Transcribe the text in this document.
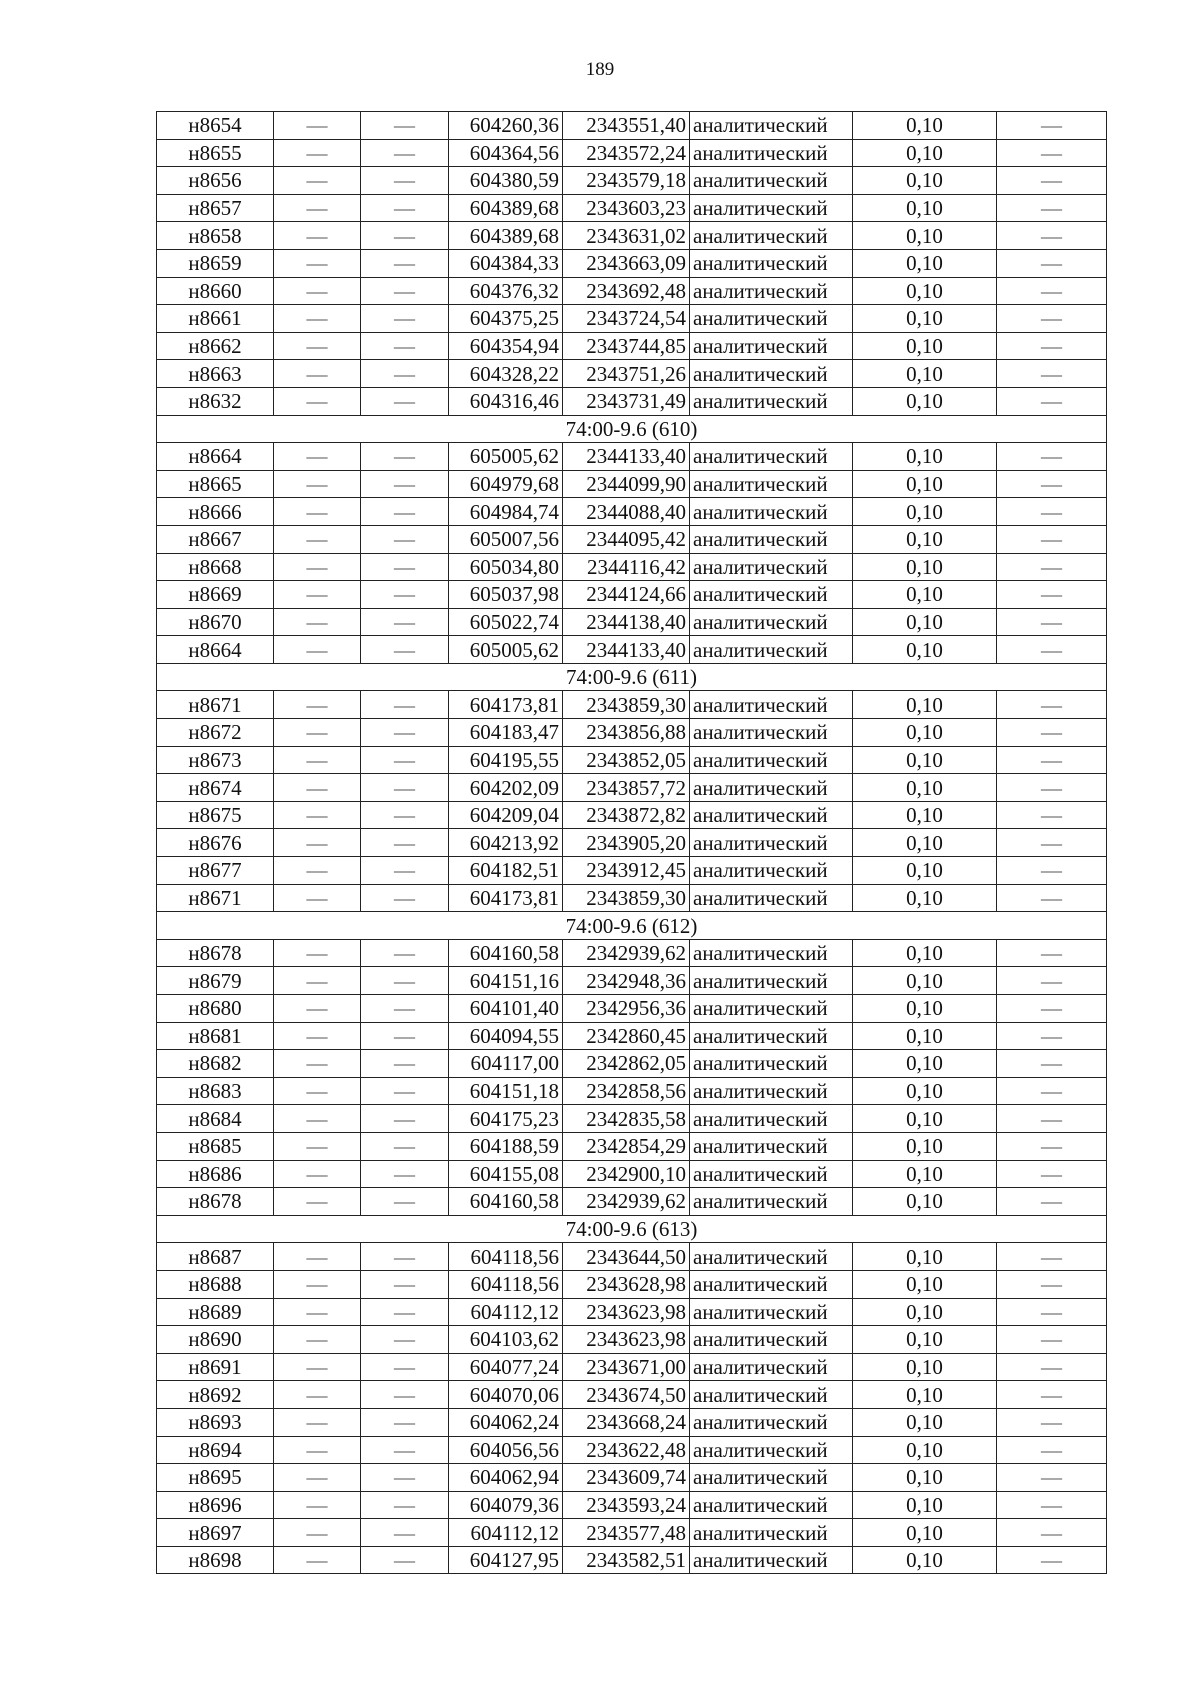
189
н8654	—	—	604260,36	2343551,40	аналитический	0,10	—
н8655	—	—	604364,56	2343572,24	аналитический	0,10	—
н8656	—	—	604380,59	2343579,18	аналитический	0,10	—
н8657	—	—	604389,68	2343603,23	аналитический	0,10	—
н8658	—	—	604389,68	2343631,02	аналитический	0,10	—
н8659	—	—	604384,33	2343663,09	аналитический	0,10	—
н8660	—	—	604376,32	2343692,48	аналитический	0,10	—
н8661	—	—	604375,25	2343724,54	аналитический	0,10	—
н8662	—	—	604354,94	2343744,85	аналитический	0,10	—
н8663	—	—	604328,22	2343751,26	аналитический	0,10	—
н8632	—	—	604316,46	2343731,49	аналитический	0,10	—
74:00-9.6 (610)							
н8664	—	—	605005,62	2344133,40	аналитический	0,10	—
н8665	—	—	604979,68	2344099,90	аналитический	0,10	—
н8666	—	—	604984,74	2344088,40	аналитический	0,10	—
н8667	—	—	605007,56	2344095,42	аналитический	0,10	—
н8668	—	—	605034,80	2344116,42	аналитический	0,10	—
н8669	—	—	605037,98	2344124,66	аналитический	0,10	—
н8670	—	—	605022,74	2344138,40	аналитический	0,10	—
н8664	—	—	605005,62	2344133,40	аналитический	0,10	—
74:00-9.6 (611)							
н8671	—	—	604173,81	2343859,30	аналитический	0,10	—
н8672	—	—	604183,47	2343856,88	аналитический	0,10	—
н8673	—	—	604195,55	2343852,05	аналитический	0,10	—
н8674	—	—	604202,09	2343857,72	аналитический	0,10	—
н8675	—	—	604209,04	2343872,82	аналитический	0,10	—
н8676	—	—	604213,92	2343905,20	аналитический	0,10	—
н8677	—	—	604182,51	2343912,45	аналитический	0,10	—
н8671	—	—	604173,81	2343859,30	аналитический	0,10	—
74:00-9.6 (612)							
н8678	—	—	604160,58	2342939,62	аналитический	0,10	—
н8679	—	—	604151,16	2342948,36	аналитический	0,10	—
н8680	—	—	604101,40	2342956,36	аналитический	0,10	—
н8681	—	—	604094,55	2342860,45	аналитический	0,10	—
н8682	—	—	604117,00	2342862,05	аналитический	0,10	—
н8683	—	—	604151,18	2342858,56	аналитический	0,10	—
н8684	—	—	604175,23	2342835,58	аналитический	0,10	—
н8685	—	—	604188,59	2342854,29	аналитический	0,10	—
н8686	—	—	604155,08	2342900,10	аналитический	0,10	—
н8678	—	—	604160,58	2342939,62	аналитический	0,10	—
74:00-9.6 (613)							
н8687	—	—	604118,56	2343644,50	аналитический	0,10	—
н8688	—	—	604118,56	2343628,98	аналитический	0,10	—
н8689	—	—	604112,12	2343623,98	аналитический	0,10	—
н8690	—	—	604103,62	2343623,98	аналитический	0,10	—
н8691	—	—	604077,24	2343671,00	аналитический	0,10	—
н8692	—	—	604070,06	2343674,50	аналитический	0,10	—
н8693	—	—	604062,24	2343668,24	аналитический	0,10	—
н8694	—	—	604056,56	2343622,48	аналитический	0,10	—
н8695	—	—	604062,94	2343609,74	аналитический	0,10	—
н8696	—	—	604079,36	2343593,24	аналитический	0,10	—
н8697	—	—	604112,12	2343577,48	аналитический	0,10	—
н8698	—	—	604127,95	2343582,51	аналитический	0,10	—
